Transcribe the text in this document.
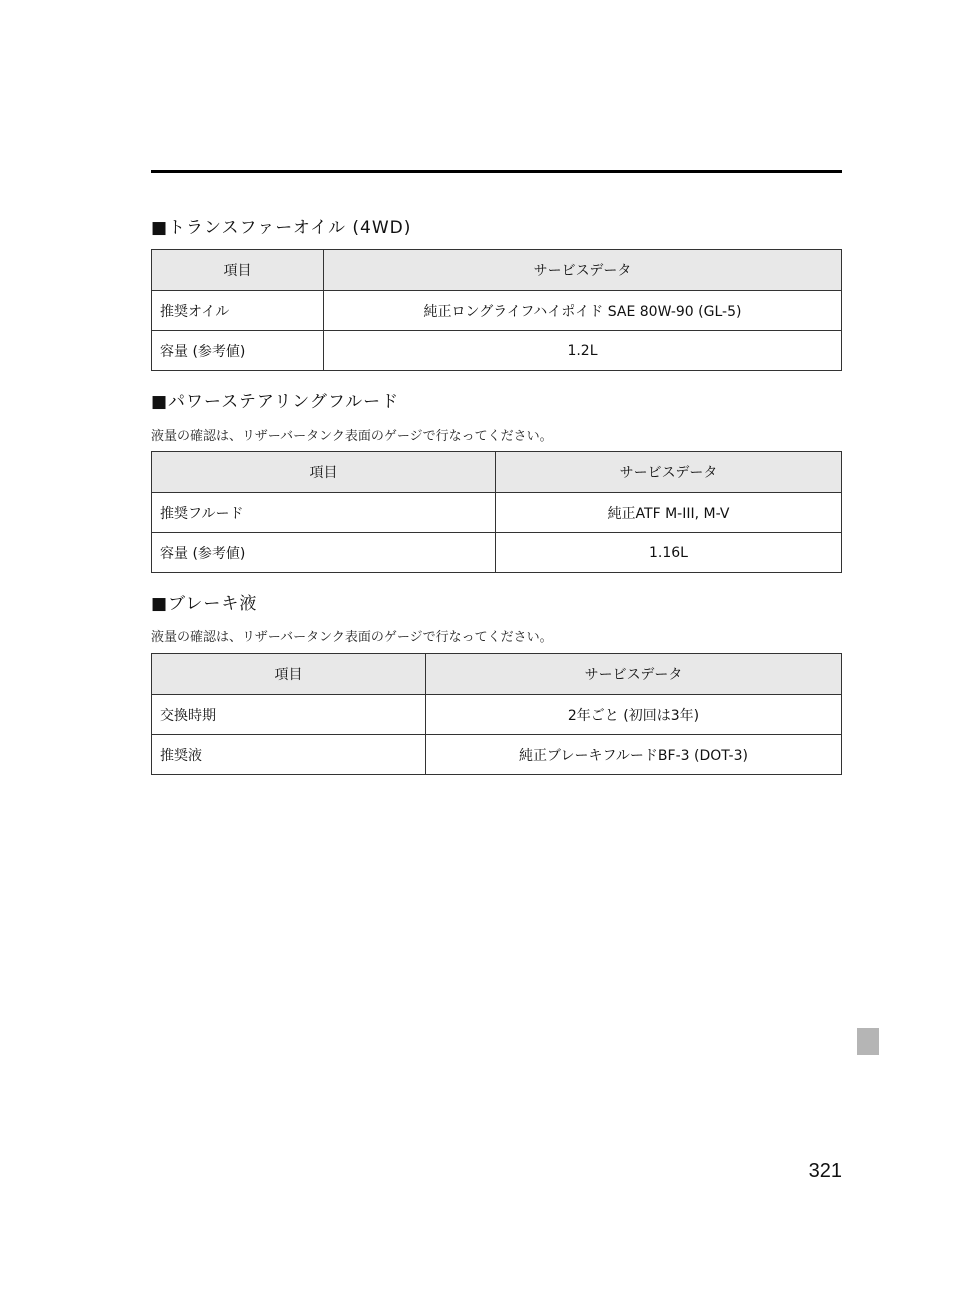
■トランスファーオイル (4WD)
項目	サービスデータ
推奨オイル	純正ロングライフハイポイド SAE 80W-90 (GL-5)
容量 (参考値)	1.2L
■パワーステアリングフルード

液量の確認は、リザーバータンク表面のゲージで行なってください。

項目	サービスデータ
推奨フルード	純正ATF M-III, M-V
容量 (参考値)	1.16L
■ブレーキ液

液量の確認は、リザーバータンク表面のゲージで行なってください。

項目	サービスデータ
交換時期	2年ごと (初回は3年)
推奨液	純正ブレーキフルードBF-3 (DOT-3)

321
